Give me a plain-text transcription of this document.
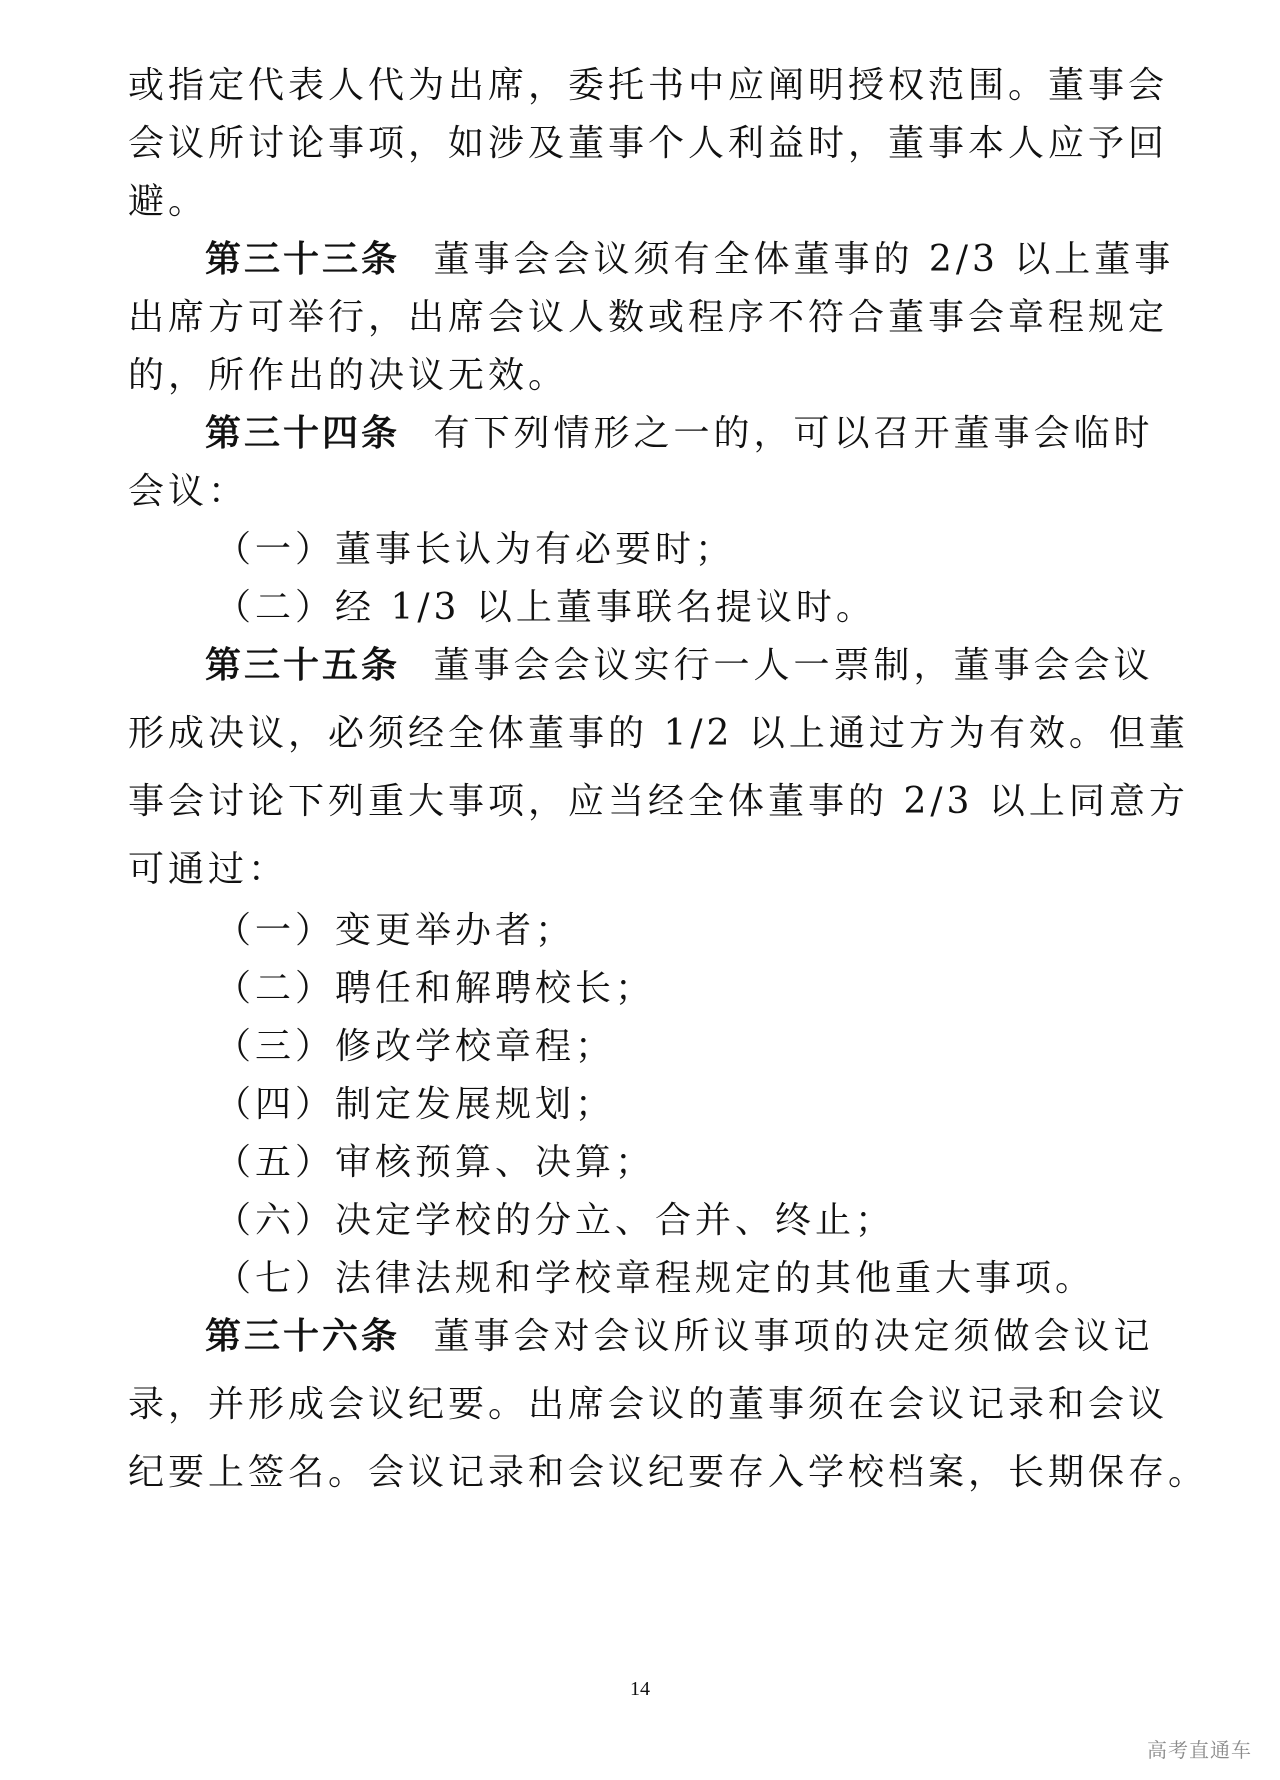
或指定代表人代为出席，委托书中应阐明授权范围。董事会
会议所讨论事项，如涉及董事个人利益时，董事本人应予回
避。
第三十三条 董事会会议须有全体董事的 2/3 以上董事
出席方可举行，出席会议人数或程序不符合董事会章程规定
的，所作出的决议无效。
第三十四条 有下列情形之一的，可以召开董事会临时
会议：
（一）董事长认为有必要时；
（二）经 1/3 以上董事联名提议时。
第三十五条 董事会会议实行一人一票制，董事会会议
形成决议，必须经全体董事的 1/2 以上通过方为有效。但董
事会讨论下列重大事项，应当经全体董事的 2/3 以上同意方
可通过：
（一）变更举办者；
（二）聘任和解聘校长；
（三）修改学校章程；
（四）制定发展规划；
（五）审核预算、决算；
（六）决定学校的分立、合并、终止；
（七）法律法规和学校章程规定的其他重大事项。
第三十六条 董事会对会议所议事项的决定须做会议记
录，并形成会议纪要。出席会议的董事须在会议记录和会议
纪要上签名。会议记录和会议纪要存入学校档案，长期保存。
14
高考直通车
